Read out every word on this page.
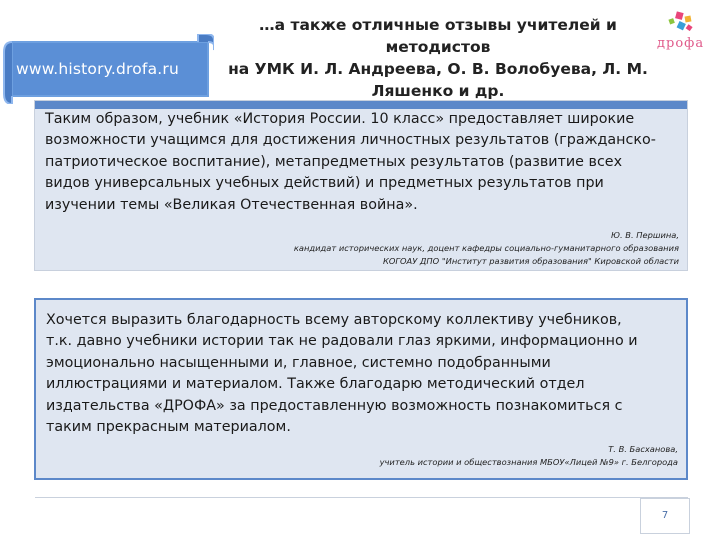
www.history.drofa.ru
…а также отличные отзывы учителей и методистов
на УМК И. Л. Андреева, О. В. Волобуева, Л. М.
Ляшенко и др.
дрофа
Таким образом, учебник «История России. 10 класс» предоставляет широкие
возможности учащимся для достижения личностных результатов (гражданско-
патриотическое воспитание), метапредметных результатов (развитие всех
видов универсальных учебных действий) и предметных результатов при
изучении темы «Великая Отечественная война».
Ю. В. Першина,
кандидат исторических наук, доцент кафедры социально-гуманитарного образования
КОГОАУ ДПО "Институт развития образования" Кировской области
Хочется выразить благодарность всему авторскому коллективу учебников,
т.к. давно учебники истории так не радовали глаз яркими, информационно и
эмоционально насыщенными и, главное, системно подобранными
иллюстрациями и материалом. Также благодарю методический отдел
издательства «ДРОФА» за предоставленную возможность познакомиться с
таким прекрасным материалом.
Т. В. Басханова,
учитель истории и обществознания МБОУ«Лицей №9» г. Белгорода
7
